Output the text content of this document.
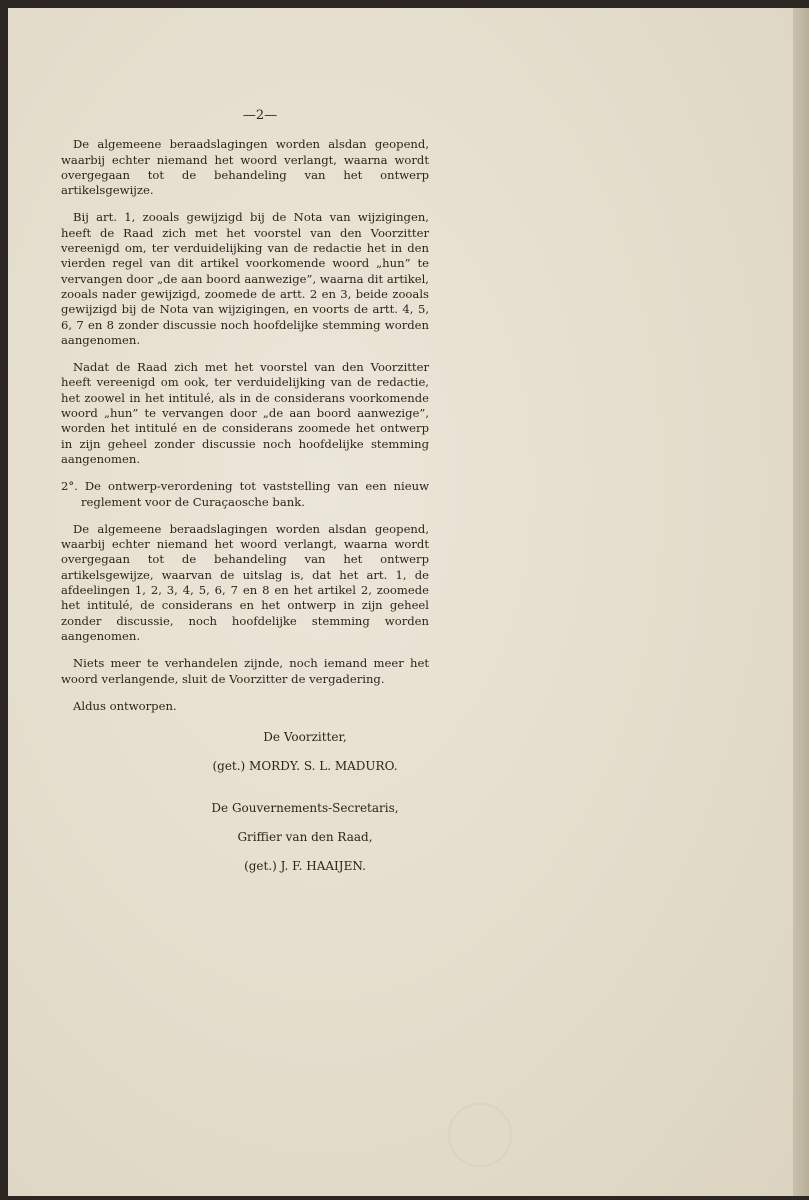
—2—

De algemeene beraadslagingen worden alsdan geopend, waarbij echter niemand het woord verlangt, waarna wordt overgegaan tot de behandeling van het ontwerp artikelsgewijze.

Bij art. 1, zooals gewijzigd bij de Nota van wijzigingen, heeft de Raad zich met het voorstel van den Voorzitter vereenigd om, ter verduidelijking van de redactie het in den vierden regel van dit artikel voorkomende woord „hun” te vervangen door „de aan boord aanwezige”, waarna dit artikel, zooals nader gewijzigd, zoomede de artt. 2 en 3, beide zooals gewijzigd bij de Nota van wijzigingen, en voorts de artt. 4, 5, 6, 7 en 8 zonder discussie noch hoofdelijke stemming worden aangenomen.

Nadat de Raad zich met het voorstel van den Voorzitter heeft vereenigd om ook, ter verduidelijking van de redactie, het zoowel in het intitulé, als in de considerans voorkomende woord „hun” te vervangen door „de aan boord aanwezige”, worden het intitulé en de considerans zoomede het ontwerp in zijn geheel zonder discussie noch hoofdelijke stemming aangenomen.

2°. De ontwerp-verordening tot vaststelling van een nieuw reglement voor de Curaçaosche bank.

De algemeene beraadslagingen worden alsdan geopend, waarbij echter niemand het woord verlangt, waarna wordt overgegaan tot de behandeling van het ontwerp artikelsgewijze, waarvan de uitslag is, dat het art. 1, de afdeelingen 1, 2, 3, 4, 5, 6, 7 en 8 en het artikel 2, zoomede het intitulé, de considerans en het ontwerp in zijn geheel zonder discussie, noch hoofdelijke stemming worden aangenomen.

Niets meer te verhandelen zijnde, noch iemand meer het woord verlangende, sluit de Voorzitter de vergadering.

Aldus ontworpen.

De Voorzitter,
(get.) MORDY. S. L. MADURO.
De Gouvernements-Secretaris,
Griffier van den Raad,
(get.) J. F. HAAIJEN.
